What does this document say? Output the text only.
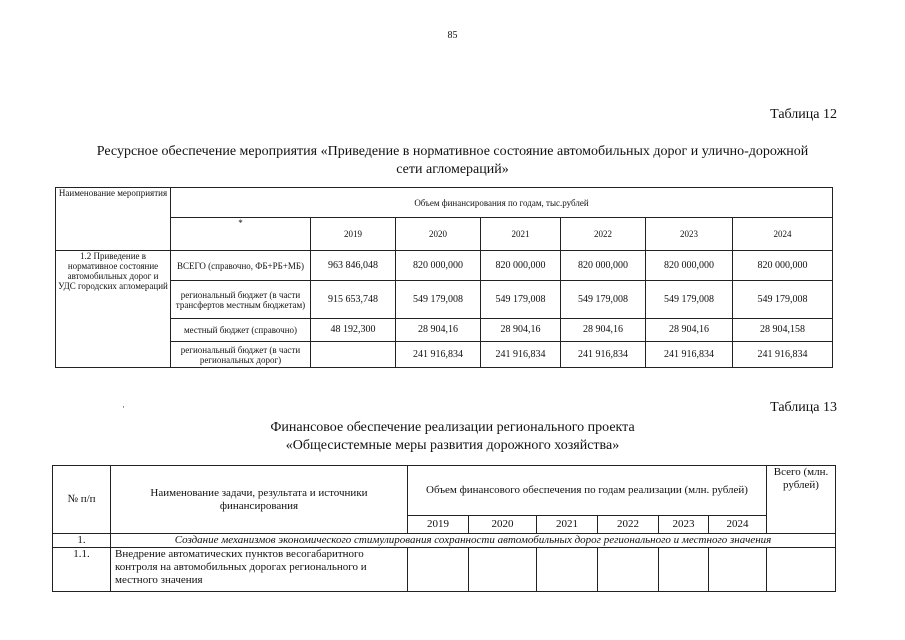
85
Таблица 12
Ресурсное обеспечение мероприятия «Приведение в нормативное состояние автомобильных дорог и улично-дорожной
сети агломераций»
Наименование мероприятия	Объем финансирования по годам, тыс.рублей						
	*	2019	2020	2021	2022	2023	2024
1.2 Приведение в нормативное состояние автомобильных дорог и УДС городских агломераций	ВСЕГО (справочно, ФБ+РБ+МБ)	963 846,048	820 000,000	820 000,000	820 000,000	820 000,000	820 000,000
	региональный бюджет (в части трансфертов местным бюджетам)	915 653,748	549 179,008	549 179,008	549 179,008	549 179,008	549 179,008
	местный бюджет (справочно)	48 192,300	28 904,16	28 904,16	28 904,16	28 904,16	28 904,158
	региональный бюджет (в части региональных дорог)		241 916,834	241 916,834	241 916,834	241 916,834	241 916,834
·	Таблица 13
Финансовое обеспечение реализации регионального проекта
«Общесистемные меры развития дорожного хозяйства»
№ п/п	Наименование задачи, результата и источники финансирования	Объем финансового обеспечения по годам реализации (млн. рублей)						Всего (млн. рублей)
		2019	2020	2021	2022	2023	2024	
1.	Создание механизмов экономического стимулирования сохранности автомобильных дорог регионального и местного значения							
1.1.	Внедрение автоматических пунктов весогабаритного контроля на автомобильных дорогах регионального и местного значения							
